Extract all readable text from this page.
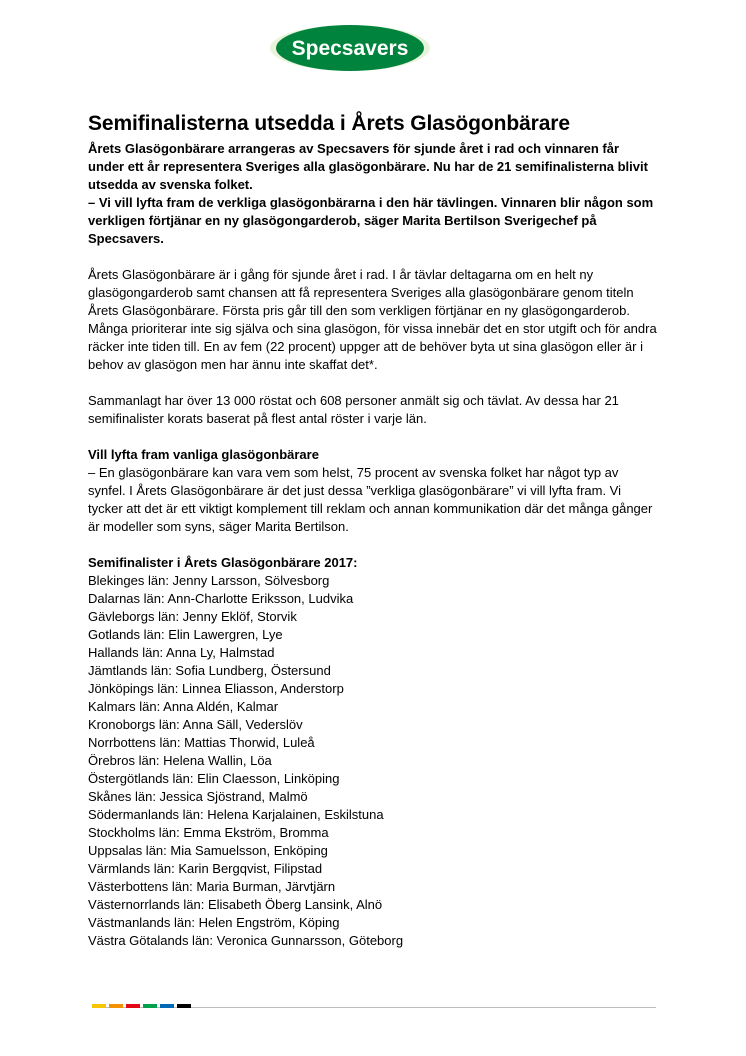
Specsavers
Semifinalisterna utsedda i Årets Glasögonbärare

Årets Glasögonbärare arrangeras av Specsavers för sjunde året i rad och vinnaren får under ett år representera Sveriges alla glasögonbärare. Nu har de 21 semifinalisterna blivit utsedda av svenska folket.

– Vi vill lyfta fram de verkliga glasögonbärarna i den här tävlingen. Vinnaren blir någon som verkligen förtjänar en ny glasögongarderob, säger Marita Bertilson Sverigechef på Specsavers.

Årets Glasögonbärare är i gång för sjunde året i rad. I år tävlar deltagarna om en helt ny glasögongarderob samt chansen att få representera Sveriges alla glasögonbärare genom titeln Årets Glasögonbärare. Första pris går till den som verkligen förtjänar en ny glasögongarderob. Många prioriterar inte sig själva och sina glasögon, för vissa innebär det en stor utgift och för andra räcker inte tiden till. En av fem (22 procent) uppger att de behöver byta ut sina glasögon eller är i behov av glasögon men har ännu inte skaffat det*.

Sammanlagt har över 13 000 röstat och 608 personer anmält sig och tävlat. Av dessa har 21 semifinalister korats baserat på flest antal röster i varje län.

Vill lyfta fram vanliga glasögonbärare

– En glasögonbärare kan vara vem som helst, 75 procent av svenska folket har något typ av synfel. I Årets Glasögonbärare är det just dessa ”verkliga glasögonbärare” vi vill lyfta fram. Vi tycker att det är ett viktigt komplement till reklam och annan kommunikation där det många gånger är modeller som syns, säger Marita Bertilson.

Semifinalister i Årets Glasögonbärare 2017:

Blekinges län: Jenny Larsson, Sölvesborg

Dalarnas län: Ann-Charlotte Eriksson, Ludvika

Gävleborgs län: Jenny Eklöf, Storvik

Gotlands län: Elin Lawergren, Lye

Hallands län: Anna Ly, Halmstad

Jämtlands län: Sofia Lundberg, Östersund

Jönköpings län: Linnea Eliasson, Anderstorp

Kalmars län: Anna Aldén, Kalmar

Kronoborgs län: Anna Säll, Vederslöv

Norrbottens län: Mattias Thorwid, Luleå

Örebros län: Helena Wallin, Löa

Östergötlands län: Elin Claesson, Linköping

Skånes län: Jessica Sjöstrand, Malmö

Södermanlands län: Helena Karjalainen, Eskilstuna

Stockholms län: Emma Ekström, Bromma

Uppsalas län: Mia Samuelsson, Enköping

Värmlands län: Karin Bergqvist, Filipstad

Västerbottens län: Maria Burman, Järvtjärn

Västernorrlands län: Elisabeth Öberg Lansink, Alnö

Västmanlands län: Helen Engström, Köping

Västra Götalands län: Veronica Gunnarsson, Göteborg
